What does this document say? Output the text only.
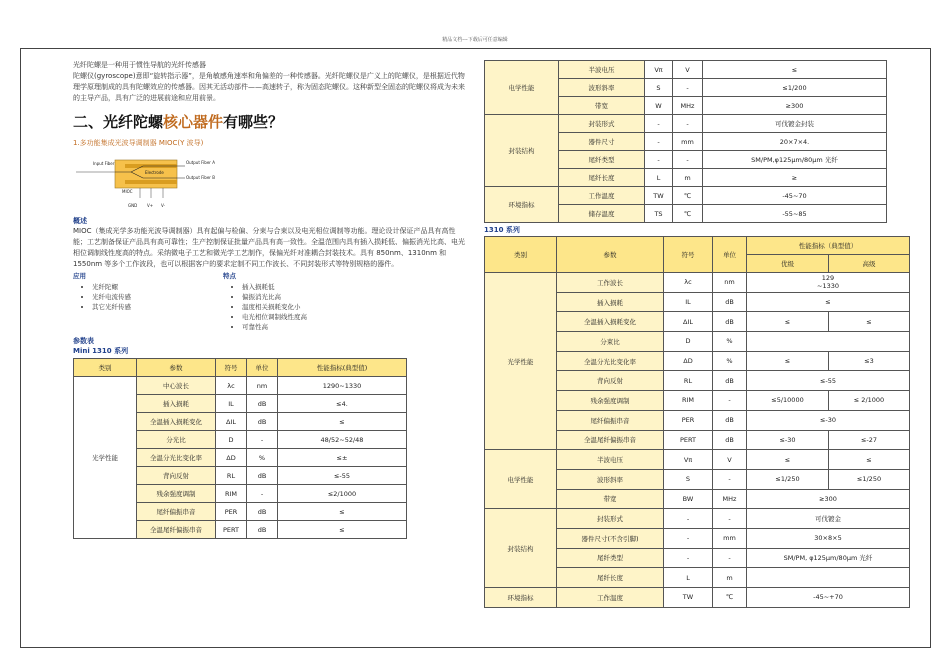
精品文档---下载后可任意编辑

光纤陀螺是一种用于惯性导航的光纤传感器

陀螺仪(gyroscope)意即“旋转指示器”，是角敏感角速率和角偏差的一种传感器。光纤陀螺仪是广义上的陀螺仪，是根据近代物理学原理制成的具有陀螺效应的传感器。因其无活动部件——高速转子，称为固态陀螺仪。这种新型全固态的陀螺仪将成为未来的主导产品，具有广泛的进展前途和应用前景。

二、光纤陀螺核心器件有哪些？
1.多功能集成光波导调制器 MIOC(Y 波导)
Input Fiber	Output Fiber A
Output Fiber B
Electrode
MIOC
GND V+ V-
概述

MIOC（集成光学多功能光波导调制器）具有起偏与检偏、分束与合束以及电光相位调制等功能。理论设计保证产品具有高性能；工艺制备保证产品具有高可靠性；生产控制保证批量产品具有高一致性。全温范围内具有插入损耗低、偏振消光比高、电光相位调制线性度高的特点。采纳微电子工艺和微光学工艺制作，保偏光纤对准耦合封装技术。具有 850nm、1310nm 和 1550nm 等多个工作波段，也可以根据客户的要求定制不同工作波长、不同封装形式等特别规格的器件。

应用
• 光纤陀螺
• 光纤电流传感
• 其它光纤传感
特点
• 插入损耗低
• 偏振消光比高
• 温度相关损耗变化小
• 电光相位调制线性度高
• 可靠性高
参数表
Mini 1310 系列
类别	参数	符号	单位	性能指标(典型值)
光学性能	中心波长	λc	nm	1290~1330
	插入损耗	IL	dB	≤4.
	全温插入损耗变化	ΔIL	dB	≤
	分光比	D	-	48/52~52/48
	全温分光比变化率	ΔD	%	≤±
	背向反射	RL	dB	≤-55
	残余强度调制	RIM	-	≤2/1000
	尾纤偏振串音	PER	dB	≤
	全温尾纤偏振串音	PERT	dB	≤
电学性能	半波电压	Vπ	V	≤
	波形斜率	S	-	≤1/200
	带宽	W	MHz	≥300
封装结构	封装形式	-	-	可伐镀金封装
	器件尺寸	-	mm	20×7×4.
	尾纤类型	-	-	SM/PM,φ125μm/80μm 光纤
	尾纤长度	L	m	≥
环境指标	工作温度	TW	℃	-45~70
	储存温度	TS	℃	-55~85
1310 系列
类别	参数	符号	单位	性能指标（典型值）	
				优级	高级
光学性能	工作波长	λc	nm	129
~1330	
	插入损耗	IL	dB	≤	
	全温插入损耗变化	ΔIL	dB	≤	≤
	分束比	D	%		
	全温分光比变化率	ΔD	%	≤	≤3
	背向反射	RL	dB	≤-55	
	残余强度调制	RIM	-	≤5/10000	≤ 2/1000
	尾纤偏振串音	PER	dB	≤-30	
	全温尾纤偏振串音	PERT	dB	≤-30	≤-27
电学性能	半波电压	Vπ	V	≤	≤
	波形斜率	S	-	≤1/250	≤1/250
	带宽	BW	MHz	≥300	
封装结构	封装形式	-	-	可伐镀金	
	器件尺寸(不含引脚)	-	mm	30×8×5	
	尾纤类型	-	-	SM/PM, φ125μm/80μm 光纤	
	尾纤长度	L	m		
环境指标	工作温度	TW	℃	-45~+70	
